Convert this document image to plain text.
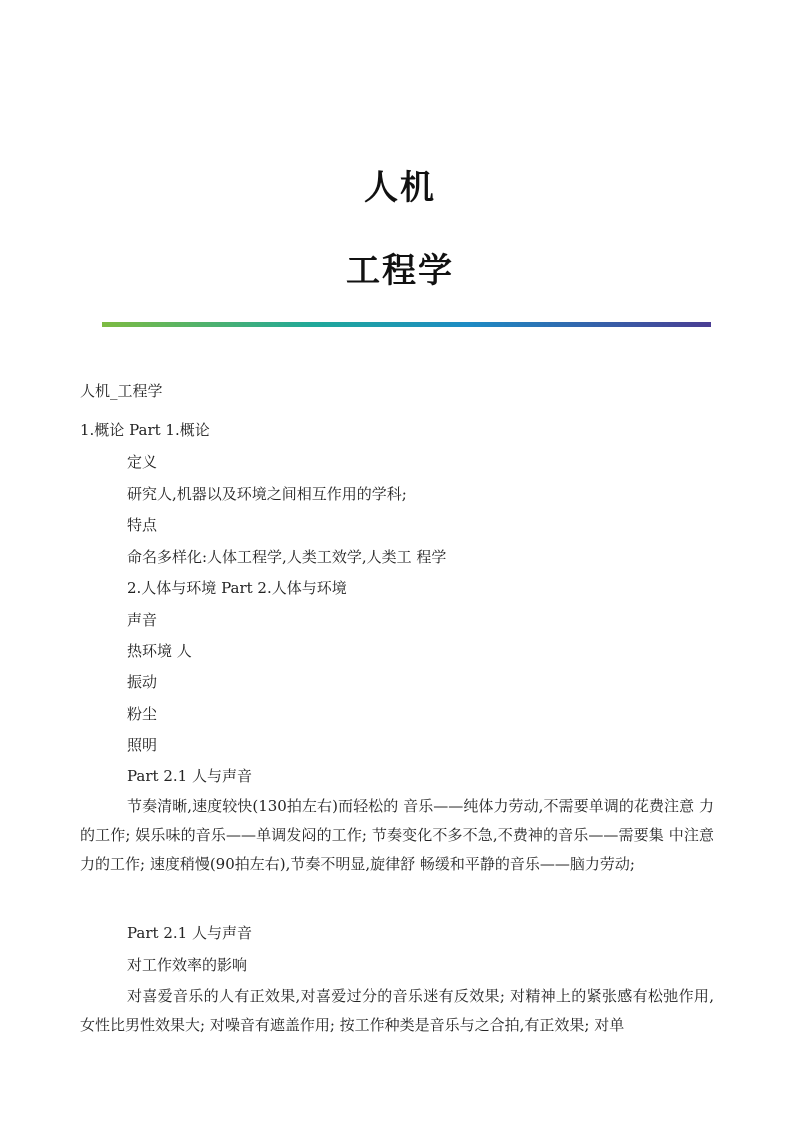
人机
工程学
人机_工程学
1.概论 Part 1.概论
定义
研究人,机器以及环境之间相互作用的学科;
特点
命名多样化:人体工程学,人类工效学,人类工 程学
2.人体与环境 Part 2.人体与环境
声音
热环境 人
振动
粉尘
照明
Part 2.1 人与声音

节奏清晰,速度较快(130拍左右)而轻松的 音乐——纯体力劳动,不需要单调的花费注意 力的工作; 娱乐味的音乐——单调发闷的工作; 节奏变化不多不急,不费神的音乐——需要集 中注意力的工作; 速度稍慢(90拍左右),节奏不明显,旋律舒 畅缓和平静的音乐——脑力劳动;

Part 2.1 人与声音
对工作效率的影响

对喜爱音乐的人有正效果,对喜爱过分的音乐迷有反效果; 对精神上的紧张感有松弛作用,女性比男性效果大; 对噪音有遮盖作用; 按工作种类是音乐与之合拍,有正效果; 对单
